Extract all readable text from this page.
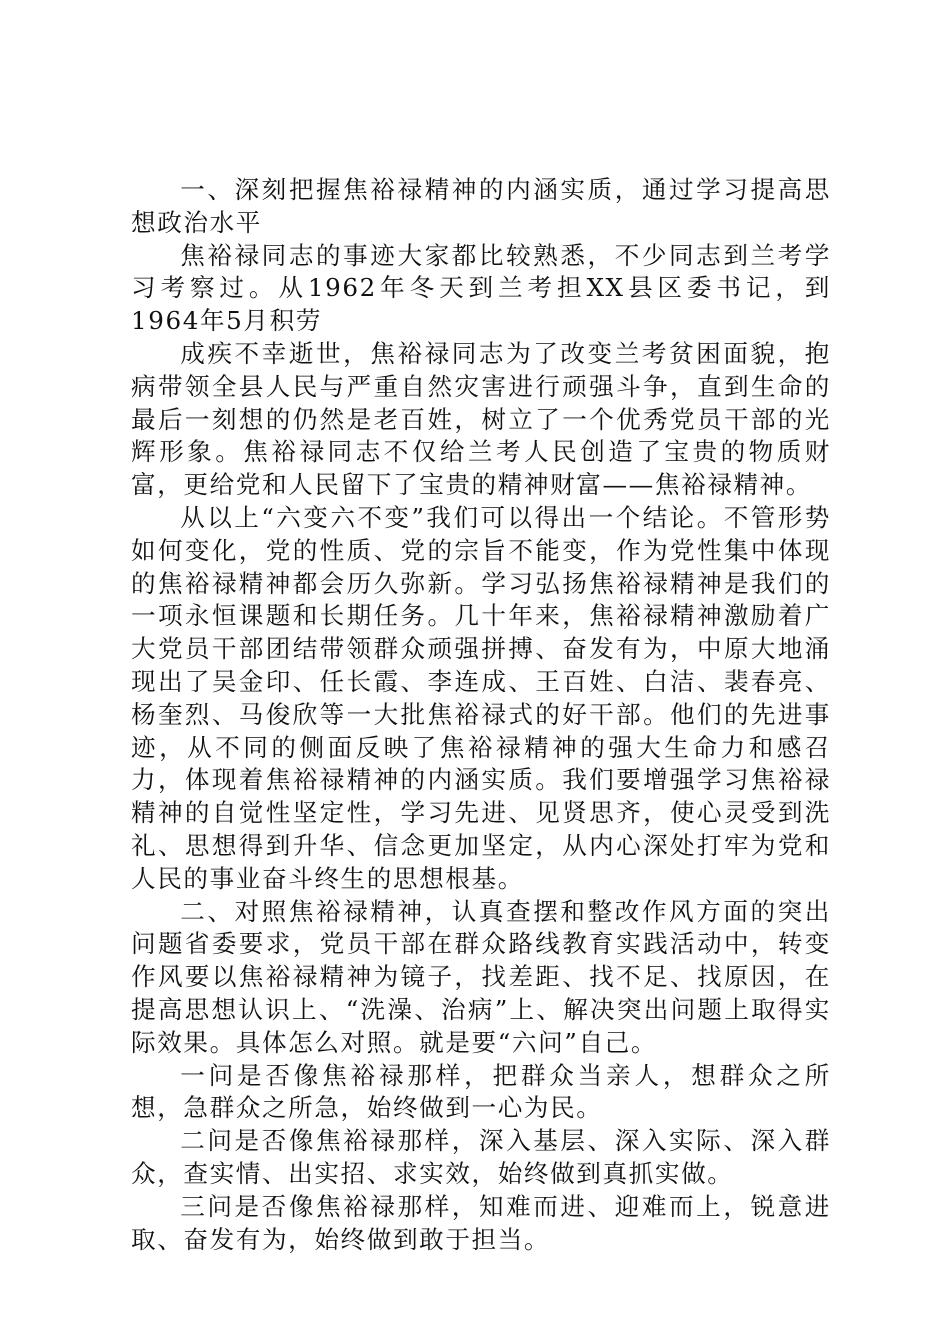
一、深刻把握焦裕禄精神的内涵实质，通过学习提高思想政治水平

焦裕禄同志的事迹大家都比较熟悉，不少同志到兰考学习考察过。从1962年冬天到兰考担XX县区委书记，到1964年5月积劳

成疾不幸逝世，焦裕禄同志为了改变兰考贫困面貌，抱病带领全县人民与严重自然灾害进行顽强斗争，直到生命的最后一刻想的仍然是老百姓，树立了一个优秀党员干部的光辉形象。焦裕禄同志不仅给兰考人民创造了宝贵的物质财富，更给党和人民留下了宝贵的精神财富——焦裕禄精神。

从以上“六变六不变”我们可以得出一个结论。不管形势如何变化，党的性质、党的宗旨不能变，作为党性集中体现的焦裕禄精神都会历久弥新。学习弘扬焦裕禄精神是我们的一项永恒课题和长期任务。几十年来，焦裕禄精神激励着广大党员干部团结带领群众顽强拼搏、奋发有为，中原大地涌现出了吴金印、任长霞、李连成、王百姓、白洁、裴春亮、杨奎烈、马俊欣等一大批焦裕禄式的好干部。他们的先进事迹，从不同的侧面反映了焦裕禄精神的强大生命力和感召力，体现着焦裕禄精神的内涵实质。我们要增强学习焦裕禄精神的自觉性坚定性，学习先进、见贤思齐，使心灵受到洗礼、思想得到升华、信念更加坚定，从内心深处打牢为党和人民的事业奋斗终生的思想根基。

二、对照焦裕禄精神，认真查摆和整改作风方面的突出问题省委要求，党员干部在群众路线教育实践活动中，转变作风要以焦裕禄精神为镜子，找差距、找不足、找原因，在提高思想认识上、“洗澡、治病”上、解决突出问题上取得实际效果。具体怎么对照。就是要“六问”自己。

一问是否像焦裕禄那样，把群众当亲人，想群众之所想，急群众之所急，始终做到一心为民。

二问是否像焦裕禄那样，深入基层、深入实际、深入群众，查实情、出实招、求实效，始终做到真抓实做。

三问是否像焦裕禄那样，知难而进、迎难而上，锐意进取、奋发有为，始终做到敢于担当。
